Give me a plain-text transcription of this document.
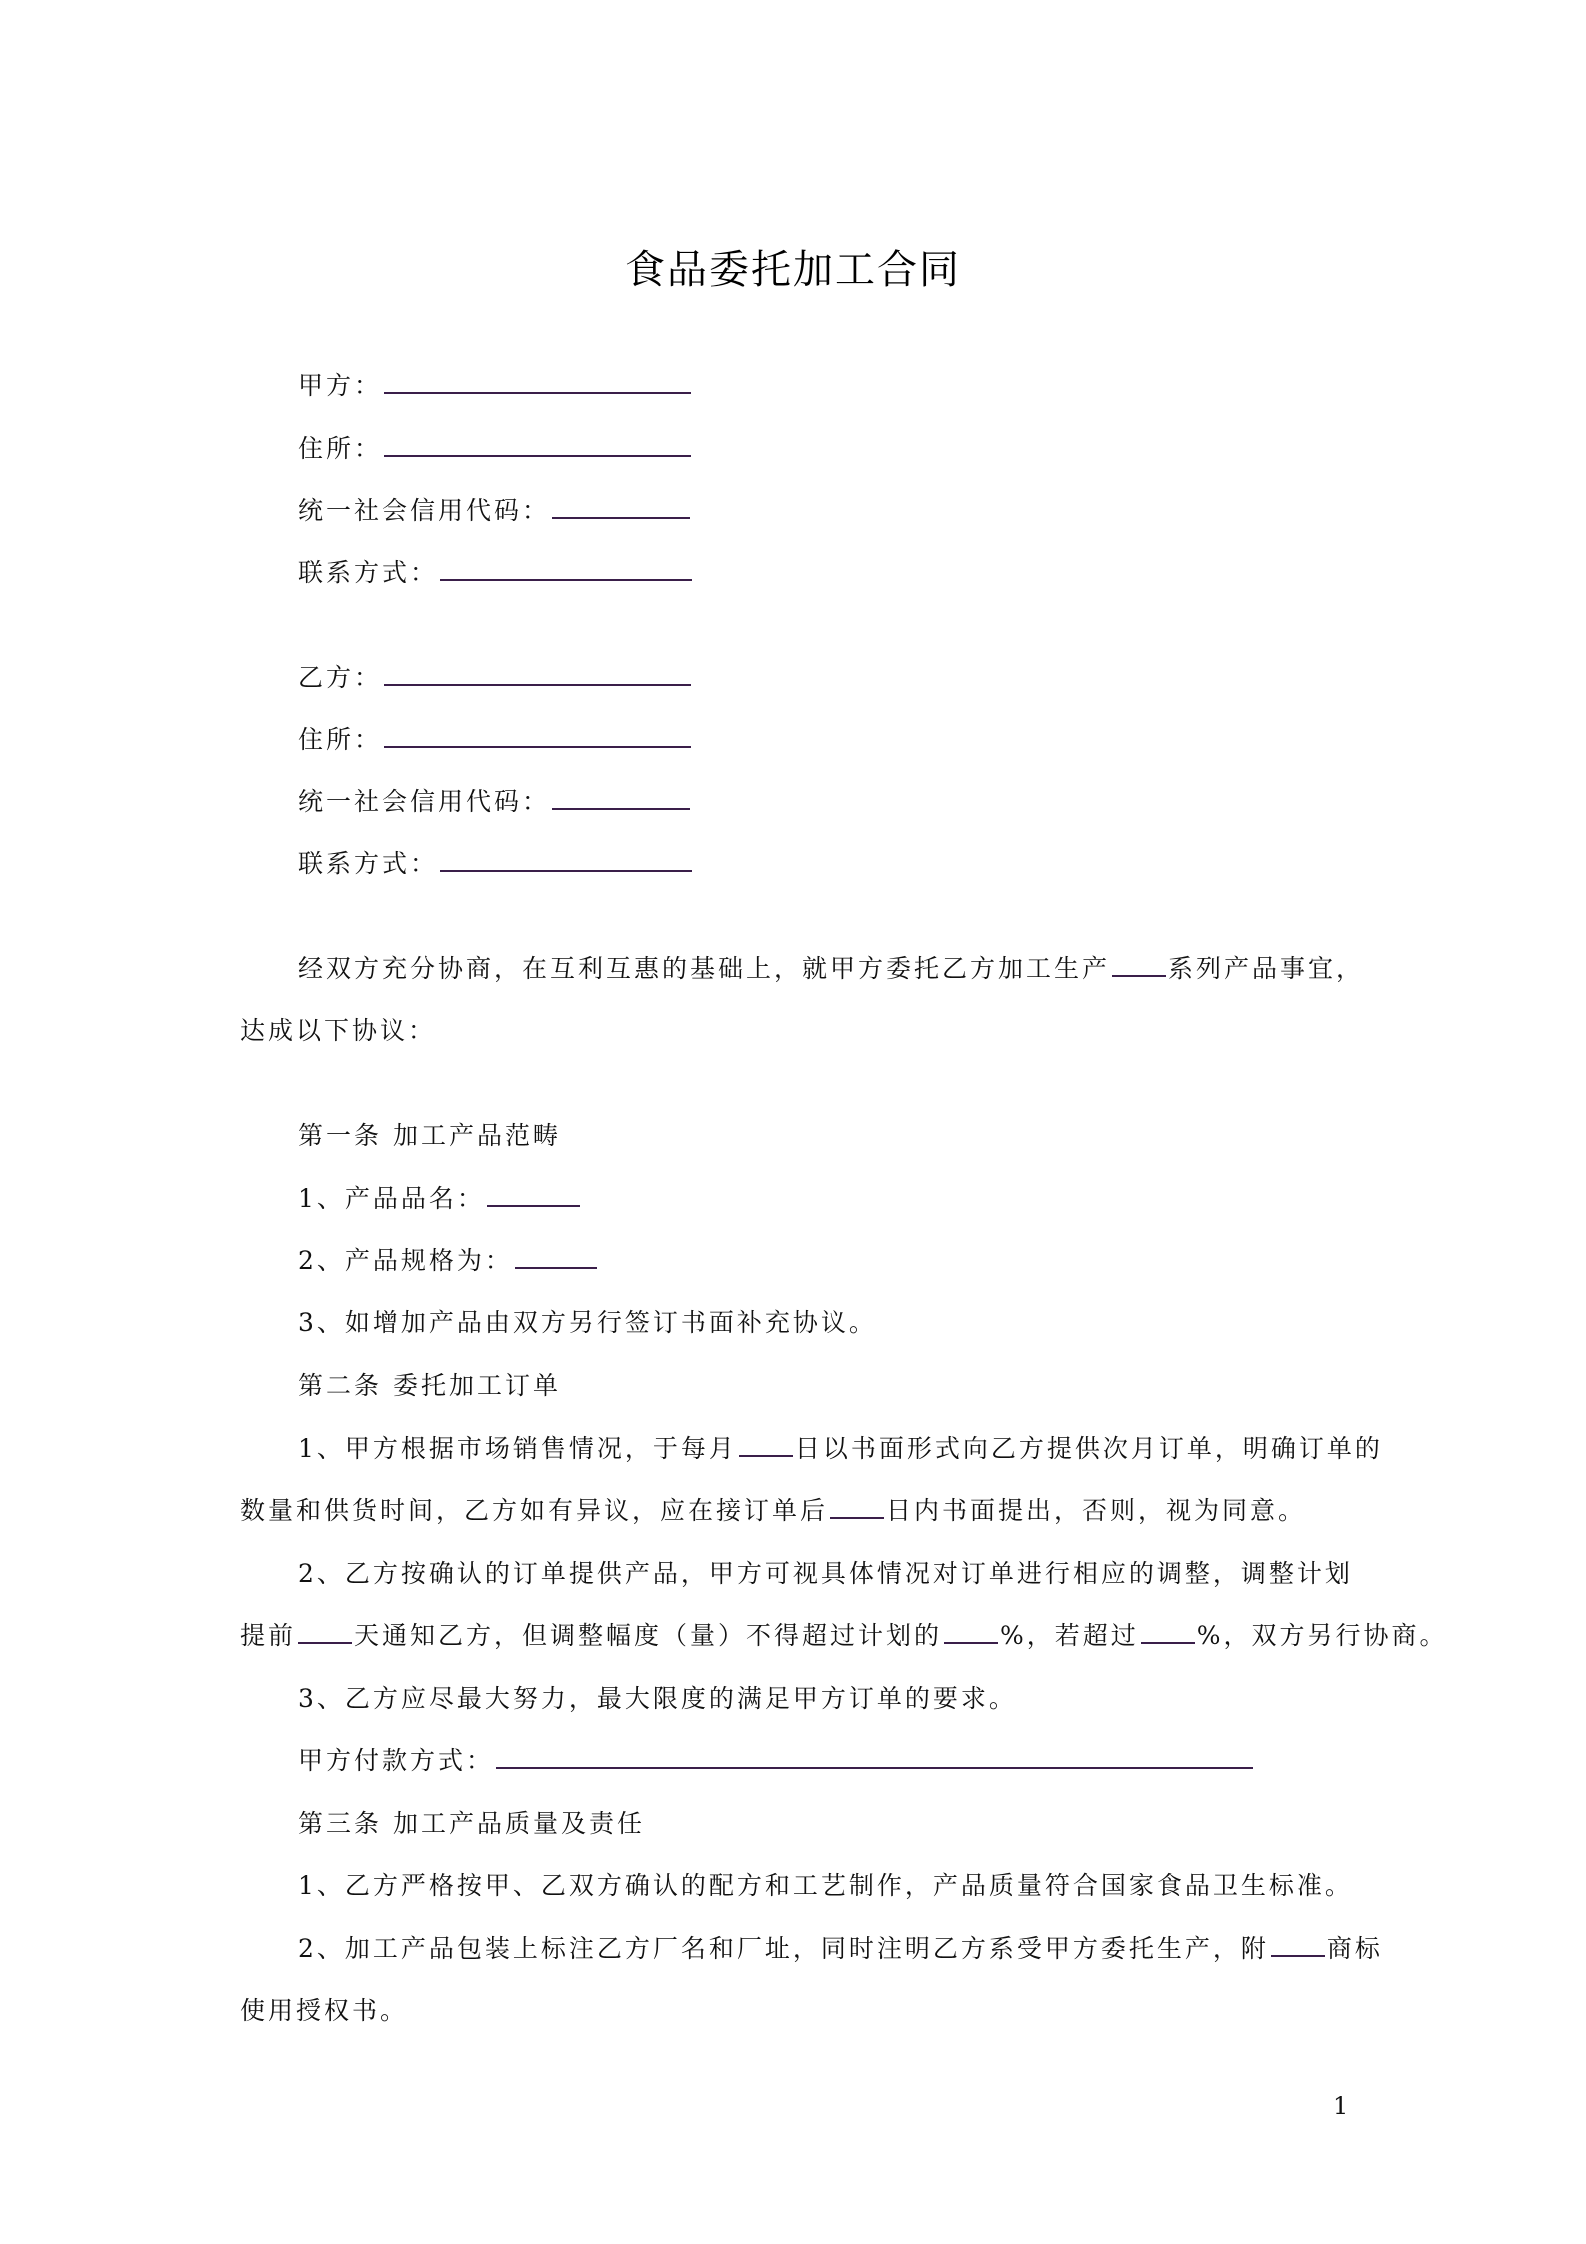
食品委托加工合同
甲方：
住所：
统一社会信用代码：
联系方式：
乙方：
住所：
统一社会信用代码：
联系方式：
经双方充分协商，在互利互惠的基础上，就甲方委托乙方加工生产 系列产品事宜，
达成以下协议：
第一条 加工产品范畴
1、产品品名：
2、产品规格为：
3、如增加产品由双方另行签订书面补充协议。
第二条 委托加工订单
1、甲方根据市场销售情况，于每月 日以书面形式向乙方提供次月订单，明确订单的
数量和供货时间，乙方如有异议，应在接订单后 日内书面提出，否则，视为同意。
2、乙方按确认的订单提供产品，甲方可视具体情况对订单进行相应的调整，调整计划
提前 天通知乙方，但调整幅度（量）不得超过计划的 %，若超过 %，双方另行协商。
3、乙方应尽最大努力，最大限度的满足甲方订单的要求。
甲方付款方式：
第三条 加工产品质量及责任
1、乙方严格按甲、乙双方确认的配方和工艺制作，产品质量符合国家食品卫生标准。
2、加工产品包装上标注乙方厂名和厂址，同时注明乙方系受甲方委托生产，附 商标
使用授权书。
1
